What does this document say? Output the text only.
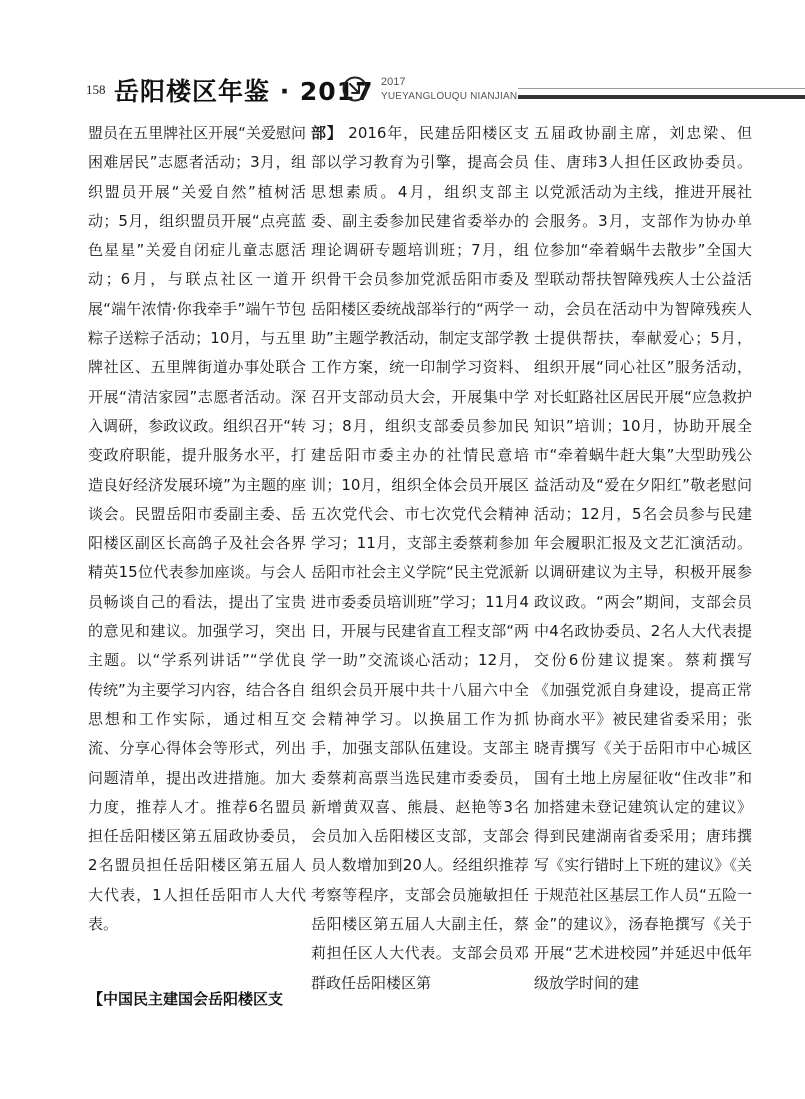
158 岳阳楼区年鉴 · 2017 2017
YUEYANGLOUQU NIANJIAN

盟员在五里牌社区开展“关爱慰问困难居民”志愿者活动；3月，组织盟员开展“关爱自然”植树活动；5月，组织盟员开展“点亮蓝色星星”关爱自闭症儿童志愿活动；6月，与联点社区一道开展“端午浓情·你我牵手”端午节包粽子送粽子活动；10月，与五里牌社区、五里牌街道办事处联合开展“清洁家园”志愿者活动。深入调研，参政议政。组织召开“转变政府职能，提升服务水平，打造良好经济发展环境”为主题的座谈会。民盟岳阳市委副主委、岳阳楼区副区长高鸽子及社会各界精英15位代表参加座谈。与会人员畅谈自己的看法，提出了宝贵的意见和建议。加强学习，突出主题。以“学系列讲话”“学优良传统”为主要学习内容，结合各自思想和工作实际，通过相互交流、分享心得体会等形式，列出问题清单，提出改进措施。加大力度，推荐人才。推荐6名盟员担任岳阳楼区第五届政协委员，2名盟员担任岳阳楼区第五届人大代表，1人担任岳阳市人大代表。

【中国民主建国会岳阳楼区支

部】 2016年，民建岳阳楼区支部以学习教育为引擎，提高会员思想素质。4月，组织支部主委、副主委参加民建省委举办的理论调研专题培训班；7月，组织骨干会员参加党派岳阳市委及岳阳楼区委统战部举行的“两学一助”主题学教活动，制定支部学教工作方案，统一印制学习资料、召开支部动员大会，开展集中学习；8月，组织支部委员参加民建岳阳市委主办的社情民意培训；10月，组织全体会员开展区五次党代会、市七次党代会精神学习；11月，支部主委蔡莉参加岳阳市社会主义学院“民主党派新进市委委员培训班”学习；11月4日，开展与民建省直工程支部“两学一助”交流谈心活动；12月，组织会员开展中共十八届六中全会精神学习。以换届工作为抓手，加强支部队伍建设。支部主委蔡莉高票当选民建市委委员，新增黄双喜、熊晨、赵艳等3名会员加入岳阳楼区支部，支部会员人数增加到20人。经组织推荐考察等程序，支部会员施敏担任岳阳楼区第五届人大副主任，蔡莉担任区人大代表。支部会员邓群政任岳阳楼区第

五届政协副主席，刘忠梁、但佳、唐玮3人担任区政协委员。以党派活动为主线，推进开展社会服务。3月，支部作为协办单位参加“牵着蜗牛去散步”全国大型联动帮扶智障残疾人士公益活动，会员在活动中为智障残疾人士提供帮扶，奉献爱心；5月，组织开展“同心社区”服务活动，对长虹路社区居民开展“应急救护知识”培训；10月，协助开展全市“牵着蜗牛赶大集”大型助残公益活动及“爱在夕阳红”敬老慰问活动；12月，5名会员参与民建年会履职汇报及文艺汇演活动。以调研建议为主导，积极开展参政议政。“两会”期间，支部会员中4名政协委员、2名人大代表提交份6份建议提案。蔡莉撰写《加强党派自身建设，提高正常协商水平》被民建省委采用；张晓青撰写《关于岳阳市中心城区国有土地上房屋征收“住改非”和加搭建未登记建筑认定的建议》得到民建湖南省委采用；唐玮撰写《实行错时上下班的建议》《关于规范社区基层工作人员“五险一金”的建议》，汤春艳撰写《关于开展“艺术进校园”并延迟中低年级放学时间的建
